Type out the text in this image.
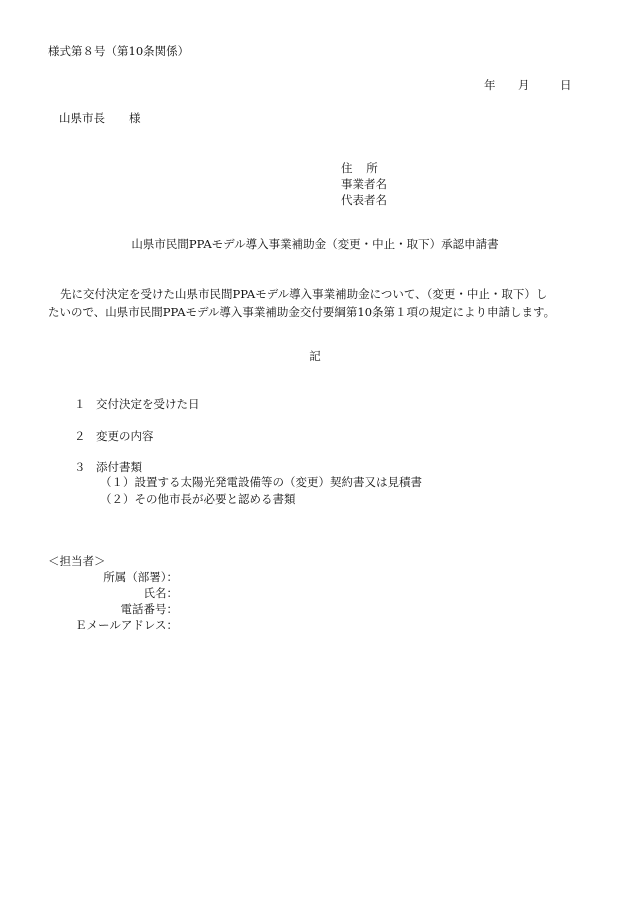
様式第８号（第10条関係）
年 月	日
山県市長 様
住所
事業者名
代表者名
山県市民間PPAモデル導入事業補助金（変更・中止・取下）承認申請書
先に交付決定を受けた山県市民間PPAモデル導入事業補助金について、（変更・中止・取下）し
たいので、山県市民間PPAモデル導入事業補助金交付要綱第10条第１項の規定により申請します。
記
１ 交付決定を受けた日
２ 変更の内容
３ 添付書類
（１）設置する太陽光発電設備等の（変更）契約書又は見積書
（２）その他市長が必要と認める書類
＜担当者＞
所属（部署）：
氏名：
電話番号：
Ｅメールアドレス：
